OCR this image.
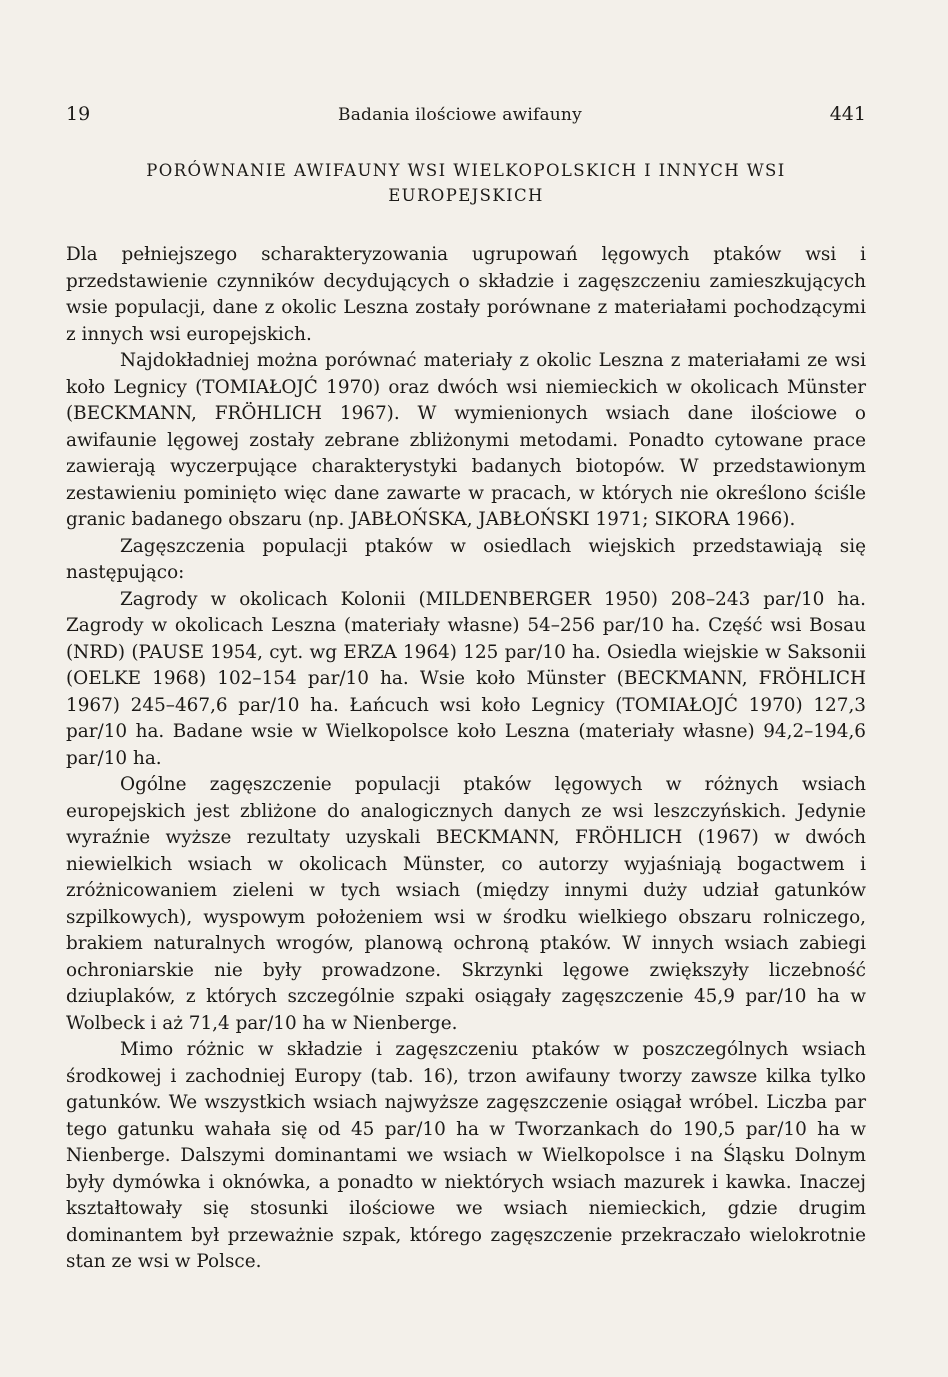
19	Badania ilościowe awifauny	441
PORÓWNANIE AWIFAUNY WSI WIELKOPOLSKICH I INNYCH WSI
EUROPEJSKICH

Dla pełniejszego scharakteryzowania ugrupowań lęgowych ptaków wsi i przedstawienie czynników decydujących o składzie i zagęszczeniu zamieszkujących wsie populacji, dane z okolic Leszna zostały porównane z materiałami pochodzącymi z innych wsi europejskich.

Najdokładniej można porównać materiały z okolic Leszna z materiałami ze wsi koło Legnicy (TOMIAŁOJĆ 1970) oraz dwóch wsi niemieckich w okolicach Münster (BECKMANN, FRÖHLICH 1967). W wymienionych wsiach dane ilościowe o awifaunie lęgowej zostały zebrane zbliżonymi metodami. Ponadto cytowane prace zawierają wyczerpujące charakterystyki badanych biotopów. W przedstawionym zestawieniu pominięto więc dane zawarte w pracach, w których nie określono ściśle granic badanego obszaru (np. JABŁOŃSKA, JABŁOŃSKI 1971; SIKORA 1966).

Zagęszczenia populacji ptaków w osiedlach wiejskich przedstawiają się następująco:

Zagrody w okolicach Kolonii (MILDENBERGER 1950) 208–243 par/10 ha. Zagrody w okolicach Leszna (materiały własne) 54–256 par/10 ha. Część wsi Bosau (NRD) (PAUSE 1954, cyt. wg ERZA 1964) 125 par/10 ha. Osiedla wiejskie w Saksonii (OELKE 1968) 102–154 par/10 ha. Wsie koło Münster (BECKMANN, FRÖHLICH 1967) 245–467,6 par/10 ha. Łańcuch wsi koło Legnicy (TOMIAŁOJĆ 1970) 127,3 par/10 ha. Badane wsie w Wielkopolsce koło Leszna (materiały własne) 94,2–194,6 par/10 ha.

Ogólne zagęszczenie populacji ptaków lęgowych w różnych wsiach europejskich jest zbliżone do analogicznych danych ze wsi leszczyńskich. Jedynie wyraźnie wyższe rezultaty uzyskali BECKMANN, FRÖHLICH (1967) w dwóch niewielkich wsiach w okolicach Münster, co autorzy wyjaśniają bogactwem i zróżnicowaniem zieleni w tych wsiach (między innymi duży udział gatunków szpilkowych), wyspowym położeniem wsi w środku wielkiego obszaru rolniczego, brakiem naturalnych wrogów, planową ochroną ptaków. W innych wsiach zabiegi ochroniarskie nie były prowadzone. Skrzynki lęgowe zwiększyły liczebność dziuplaków, z których szczególnie szpaki osiągały zagęszczenie 45,9 par/10 ha w Wolbeck i aż 71,4 par/10 ha w Nienberge.

Mimo różnic w składzie i zagęszczeniu ptaków w poszczególnych wsiach środkowej i zachodniej Europy (tab. 16), trzon awifauny tworzy zawsze kilka tylko gatunków. We wszystkich wsiach najwyższe zagęszczenie osiągał wróbel. Liczba par tego gatunku wahała się od 45 par/10 ha w Tworzankach do 190,5 par/10 ha w Nienberge. Dalszymi dominantami we wsiach w Wielkopolsce i na Śląsku Dolnym były dymówka i oknówka, a ponadto w niektórych wsiach mazurek i kawka. Inaczej kształtowały się stosunki ilościowe we wsiach niemieckich, gdzie drugim dominantem był przeważnie szpak, którego zagęszczenie przekraczało wielokrotnie stan ze wsi w Polsce.
